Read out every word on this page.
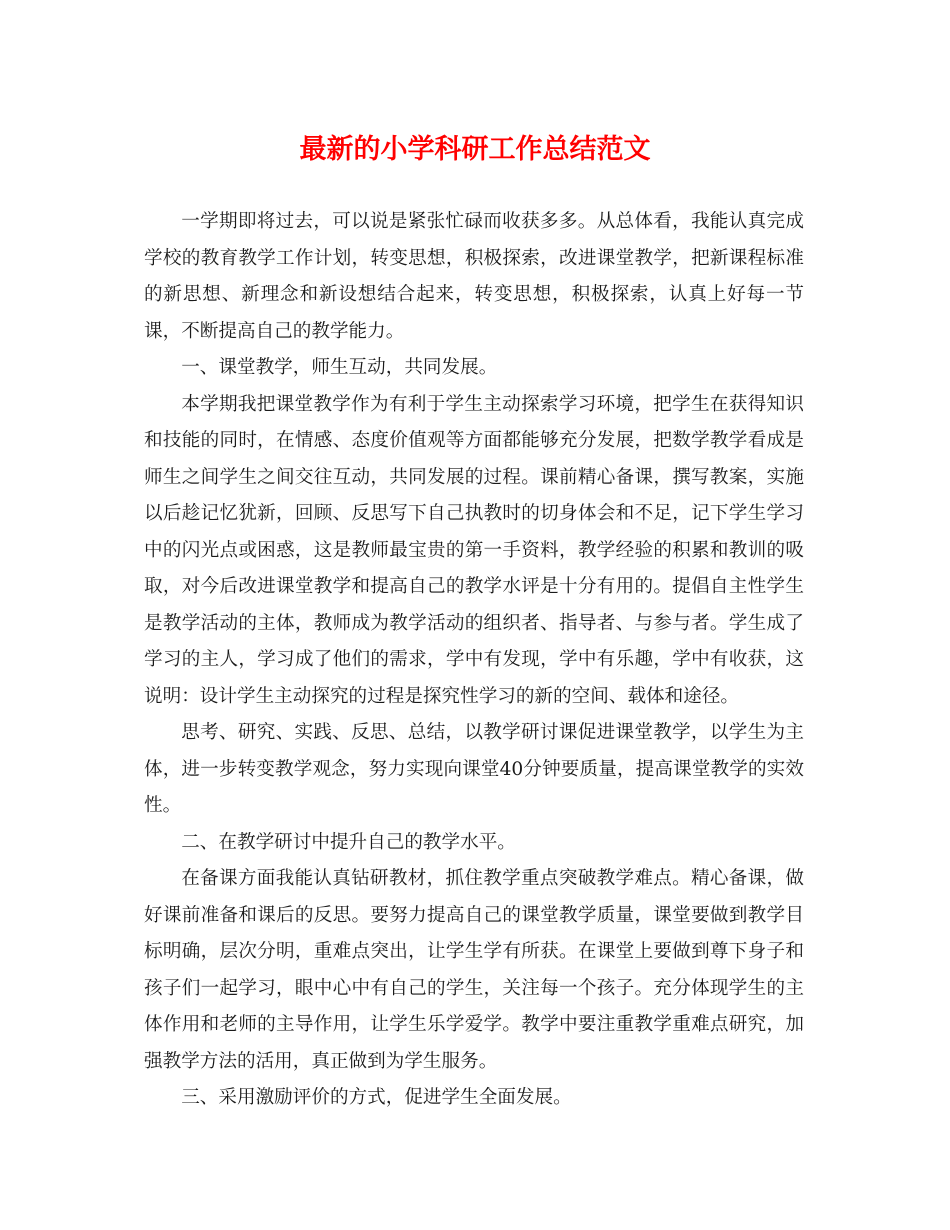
最新的小学科研工作总结范文

一学期即将过去，可以说是紧张忙碌而收获多多。从总体看，我能认真完成学校的教育教学工作计划，转变思想，积极探索，改进课堂教学，把新课程标准的新思想、新理念和新设想结合起来，转变思想，积极探索，认真上好每一节课，不断提高自己的教学能力。

一、课堂教学，师生互动，共同发展。

本学期我把课堂教学作为有利于学生主动探索学习环境，把学生在获得知识和技能的同时，在情感、态度价值观等方面都能够充分发展，把数学教学看成是师生之间学生之间交往互动，共同发展的过程。课前精心备课，撰写教案，实施以后趁记忆犹新，回顾、反思写下自己执教时的切身体会和不足，记下学生学习中的闪光点或困惑，这是教师最宝贵的第一手资料，教学经验的积累和教训的吸取，对今后改进课堂教学和提高自己的教学水评是十分有用的。提倡自主性学生是教学活动的主体，教师成为教学活动的组织者、指导者、与参与者。学生成了学习的主人，学习成了他们的需求，学中有发现，学中有乐趣，学中有收获，这说明：设计学生主动探究的过程是探究性学习的新的空间、载体和途径。

思考、研究、实践、反思、总结，以教学研讨课促进课堂教学，以学生为主体，进一步转变教学观念，努力实现向课堂40分钟要质量，提高课堂教学的实效性。

二、在教学研讨中提升自己的教学水平。

在备课方面我能认真钻研教材，抓住教学重点突破教学难点。精心备课，做好课前准备和课后的反思。要努力提高自己的课堂教学质量，课堂要做到教学目标明确，层次分明，重难点突出，让学生学有所获。在课堂上要做到尊下身子和孩子们一起学习，眼中心中有自己的学生，关注每一个孩子。充分体现学生的主体作用和老师的主导作用，让学生乐学爱学。教学中要注重教学重难点研究，加强教学方法的活用，真正做到为学生服务。

三、采用激励评价的方式，促进学生全面发展。
